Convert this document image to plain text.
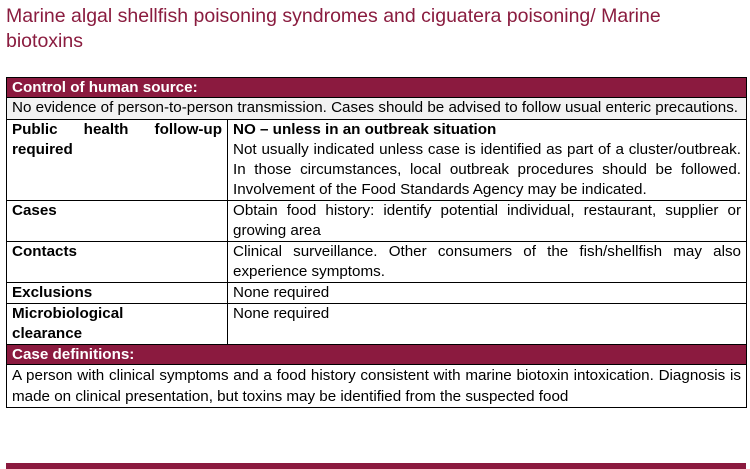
Marine algal shellfish poisoning syndromes and ciguatera poisoning/ Marine biotoxins
Control of human source:	
No evidence of person-to-person transmission. Cases should be advised to follow usual enteric precautions.	
Public health follow-up required	NO – unless in an outbreak situation
Not usually indicated unless case is identified as part of a cluster/outbreak. In those circumstances, local outbreak procedures should be followed. Involvement of the Food Standards Agency may be indicated.

Cases	Obtain food history: identify potential individual, restaurant, supplier or growing area
Contacts	Clinical surveillance. Other consumers of the fish/shellfish may also experience symptoms.
Exclusions	None required

Microbiological clearance	None required
Case definitions:	
A person with clinical symptoms and a food history consistent with marine biotoxin intoxication. Diagnosis is made on clinical presentation, but toxins may be identified from the suspected food	
